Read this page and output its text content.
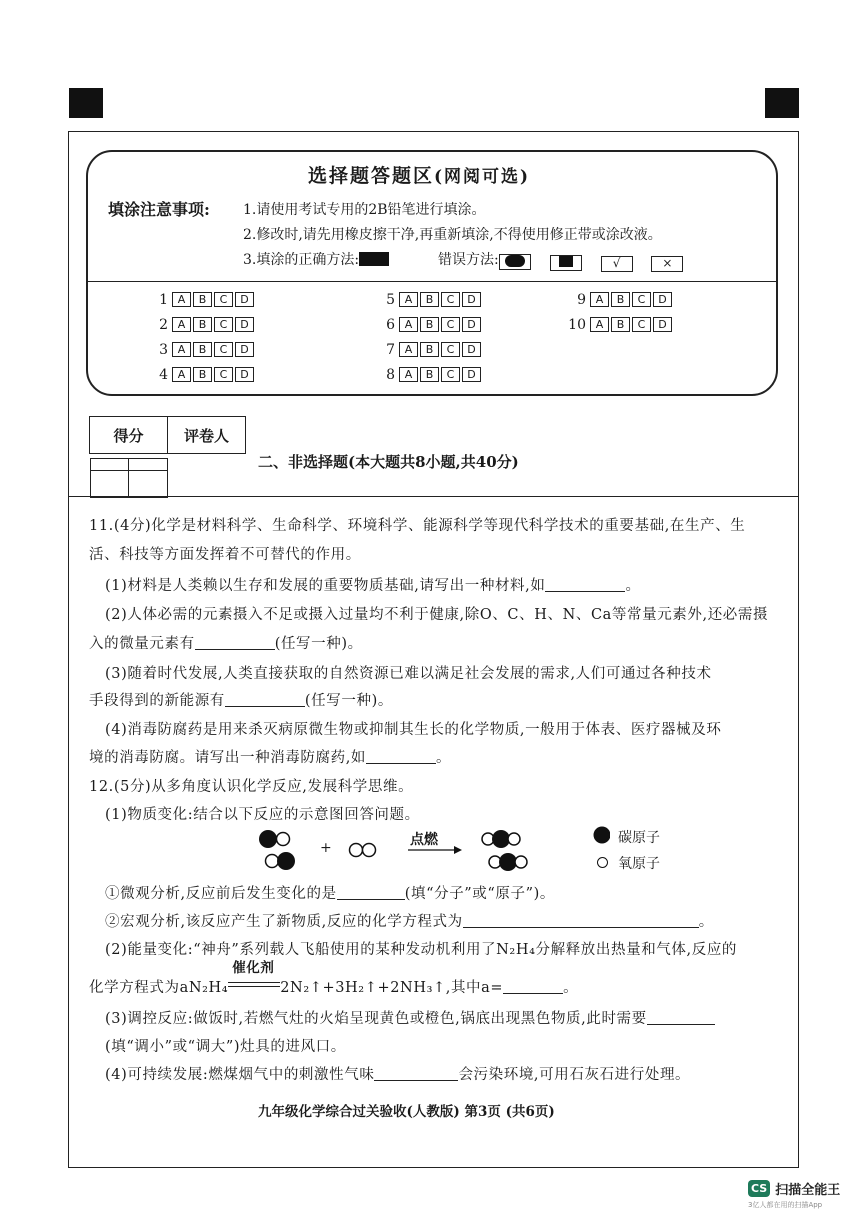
选择题答题区(网阅可选)
填涂注意事项: 1.请使用考试专用的2B铅笔进行填涂。
2.修改时,请先用橡皮擦干净,再重新填涂,不得使用修正带或涂改液。
3.填涂的正确方法:	错误方法:	√	×
1 A B C D
2 A B C D
3 A B C D
4 A B C D
5 A B C D
6 A B C D
7 A B C D
8 A B C D
9 A B C D
10 A B C D
得分	评卷人

二、非选择题(本大题共8小题,共40分)
11.(4分)化学是材料科学、生命科学、环境科学、能源科学等现代科学技术的重要基础,在生产、生
活、科技等方面发挥着不可替代的作用。
(1)材料是人类赖以生存和发展的重要物质基础,请写出一种材料,如	。
(2)人体必需的元素摄入不足或摄入过量均不利于健康,除O、C、H、N、Ca等常量元素外,还必需摄
入的微量元素有	(任写一种)。
(3)随着时代发展,人类直接获取的自然资源已难以满足社会发展的需求,人们可通过各种技术
手段得到的新能源有	(任写一种)。
(4)消毒防腐药是用来杀灭病原微生物或抑制其生长的化学物质,一般用于体表、医疗器械及环
境的消毒防腐。请写出一种消毒防腐药,如	。
12.(5分)从多角度认识化学反应,发展科学思维。
(1)物质变化:结合以下反应的示意图回答问题。
+	点燃	碳原子
氧原子
①微观分析,反应前后发生变化的是	(填“分子”或“原子”)。
②宏观分析,该反应产生了新物质,反应的化学方程式为	。
(2)能量变化:“神舟”系列载人飞船使用的某种发动机利用了N₂H₄分解释放出热量和气体,反应的
化学方程式为aN₂H₄
催化剂
2N₂↑+3H₂↑+2NH₃↑,其中a=	。
(3)调控反应:做饭时,若燃气灶的火焰呈现黄色或橙色,锅底出现黑色物质,此时需要
(填“调小”或“调大”)灶具的进风口。
(4)可持续发展:燃煤烟气中的刺激性气味	会污染环境,可用石灰石进行处理。
九年级化学综合过关验收(人教版) 第3页 (共6页)
CS 扫描全能王
3亿人都在用的扫描App
